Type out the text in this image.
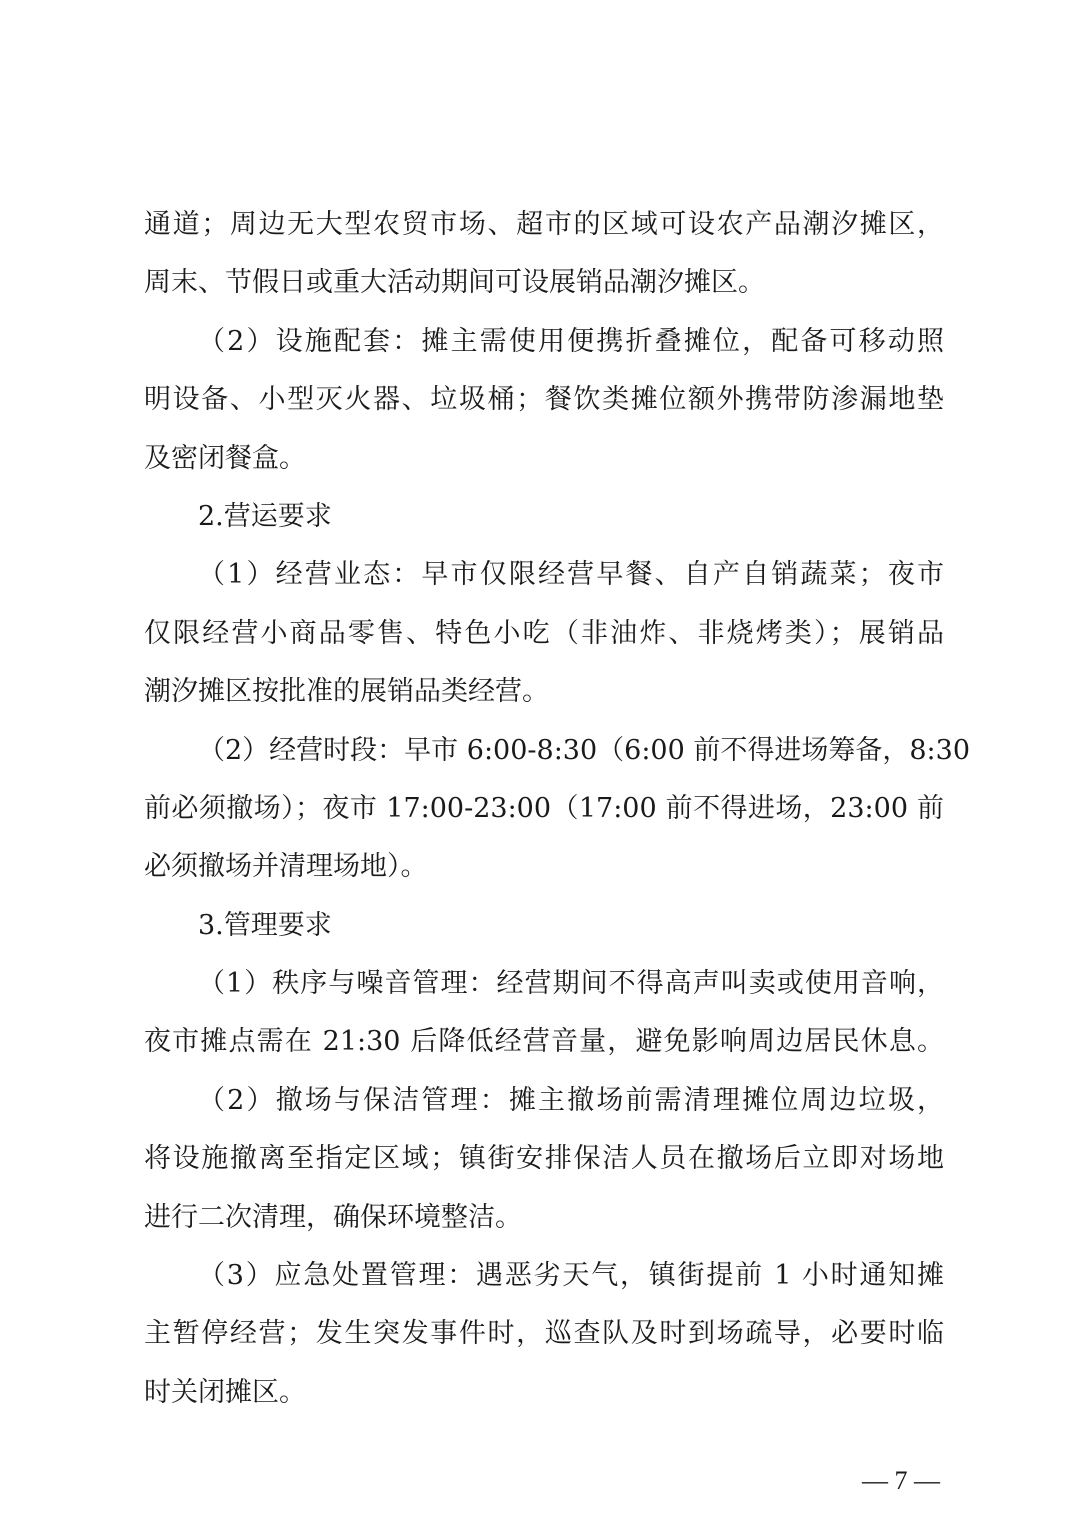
通道；周边无大型农贸市场、超市的区域可设农产品潮汐摊区，
周末、节假日或重大活动期间可设展销品潮汐摊区。
（2）设施配套：摊主需使用便携折叠摊位，配备可移动照
明设备、小型灭火器、垃圾桶；餐饮类摊位额外携带防渗漏地垫
及密闭餐盒。
2.营运要求
（1）经营业态：早市仅限经营早餐、自产自销蔬菜；夜市
仅限经营小商品零售、特色小吃（非油炸、非烧烤类）；展销品
潮汐摊区按批准的展销品类经营。
（2）经营时段：早市 6:00-8:30（6:00 前不得进场筹备，8:30
前必须撤场）；夜市 17:00-23:00（17:00 前不得进场，23:00 前
必须撤场并清理场地）。
3.管理要求
（1）秩序与噪音管理：经营期间不得高声叫卖或使用音响，
夜市摊点需在 21:30 后降低经营音量，避免影响周边居民休息。
（2）撤场与保洁管理：摊主撤场前需清理摊位周边垃圾，
将设施撤离至指定区域；镇街安排保洁人员在撤场后立即对场地
进行二次清理，确保环境整洁。
（3）应急处置管理：遇恶劣天气，镇街提前 1 小时通知摊
主暂停经营；发生突发事件时，巡查队及时到场疏导，必要时临
时关闭摊区。
— 7 —
